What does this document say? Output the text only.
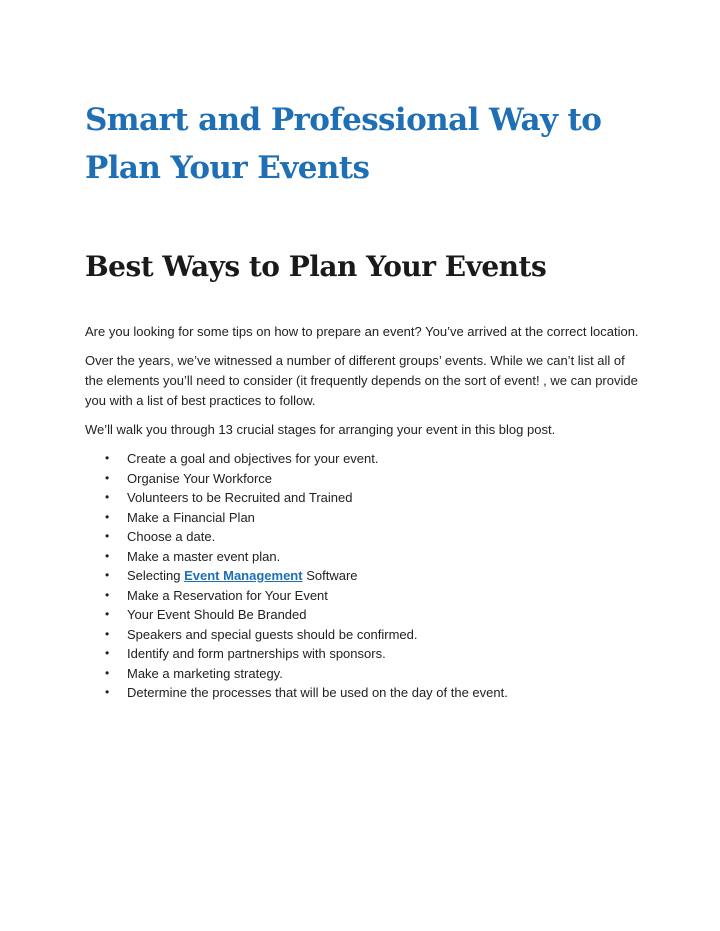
Smart and Professional Way to Plan Your Events
Best Ways to Plan Your Events

Are you looking for some tips on how to prepare an event? You’ve arrived at the correct location.

Over the years, we’ve witnessed a number of different groups’ events. While we can’t list all of the elements you’ll need to consider (it frequently depends on the sort of event! , we can provide you with a list of best practices to follow.

We’ll walk you through 13 crucial stages for arranging your event in this blog post.

• Create a goal and objectives for your event.
• Organise Your Workforce
• Volunteers to be Recruited and Trained
• Make a Financial Plan
• Choose a date.
• Make a master event plan.
• Selecting Event Management Software
• Make a Reservation for Your Event
• Your Event Should Be Branded
• Speakers and special guests should be confirmed.
• Identify and form partnerships with sponsors.
• Make a marketing strategy.
• Determine the processes that will be used on the day of the event.
